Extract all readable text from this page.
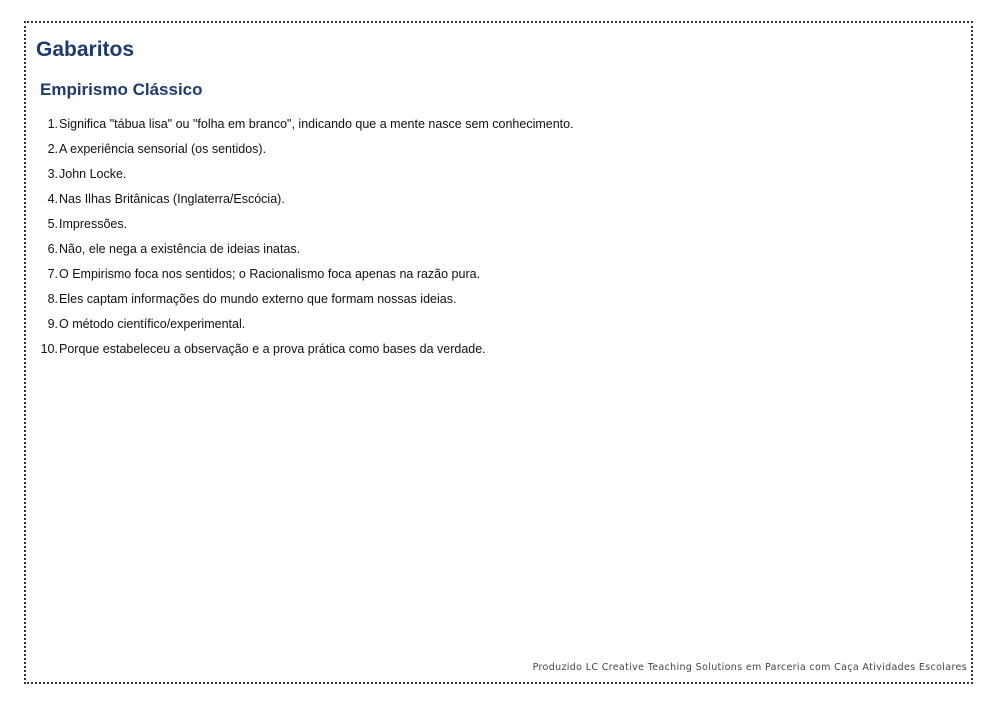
Gabaritos
Empirismo Clássico
1. Significa "tábua lisa" ou "folha em branco", indicando que a mente nasce sem conhecimento.
2. A experiência sensorial (os sentidos).
3. John Locke.
4. Nas Ilhas Britânicas (Inglaterra/Escócia).
5. Impressões.
6. Não, ele nega a existência de ideias inatas.
7. O Empirismo foca nos sentidos; o Racionalismo foca apenas na razão pura.
8. Eles captam informações do mundo externo que formam nossas ideias.
9. O método científico/experimental.
10. Porque estabeleceu a observação e a prova prática como bases da verdade.
Produzido LC Creative Teaching Solutions em Parceria com Caça Atividades Escolares
